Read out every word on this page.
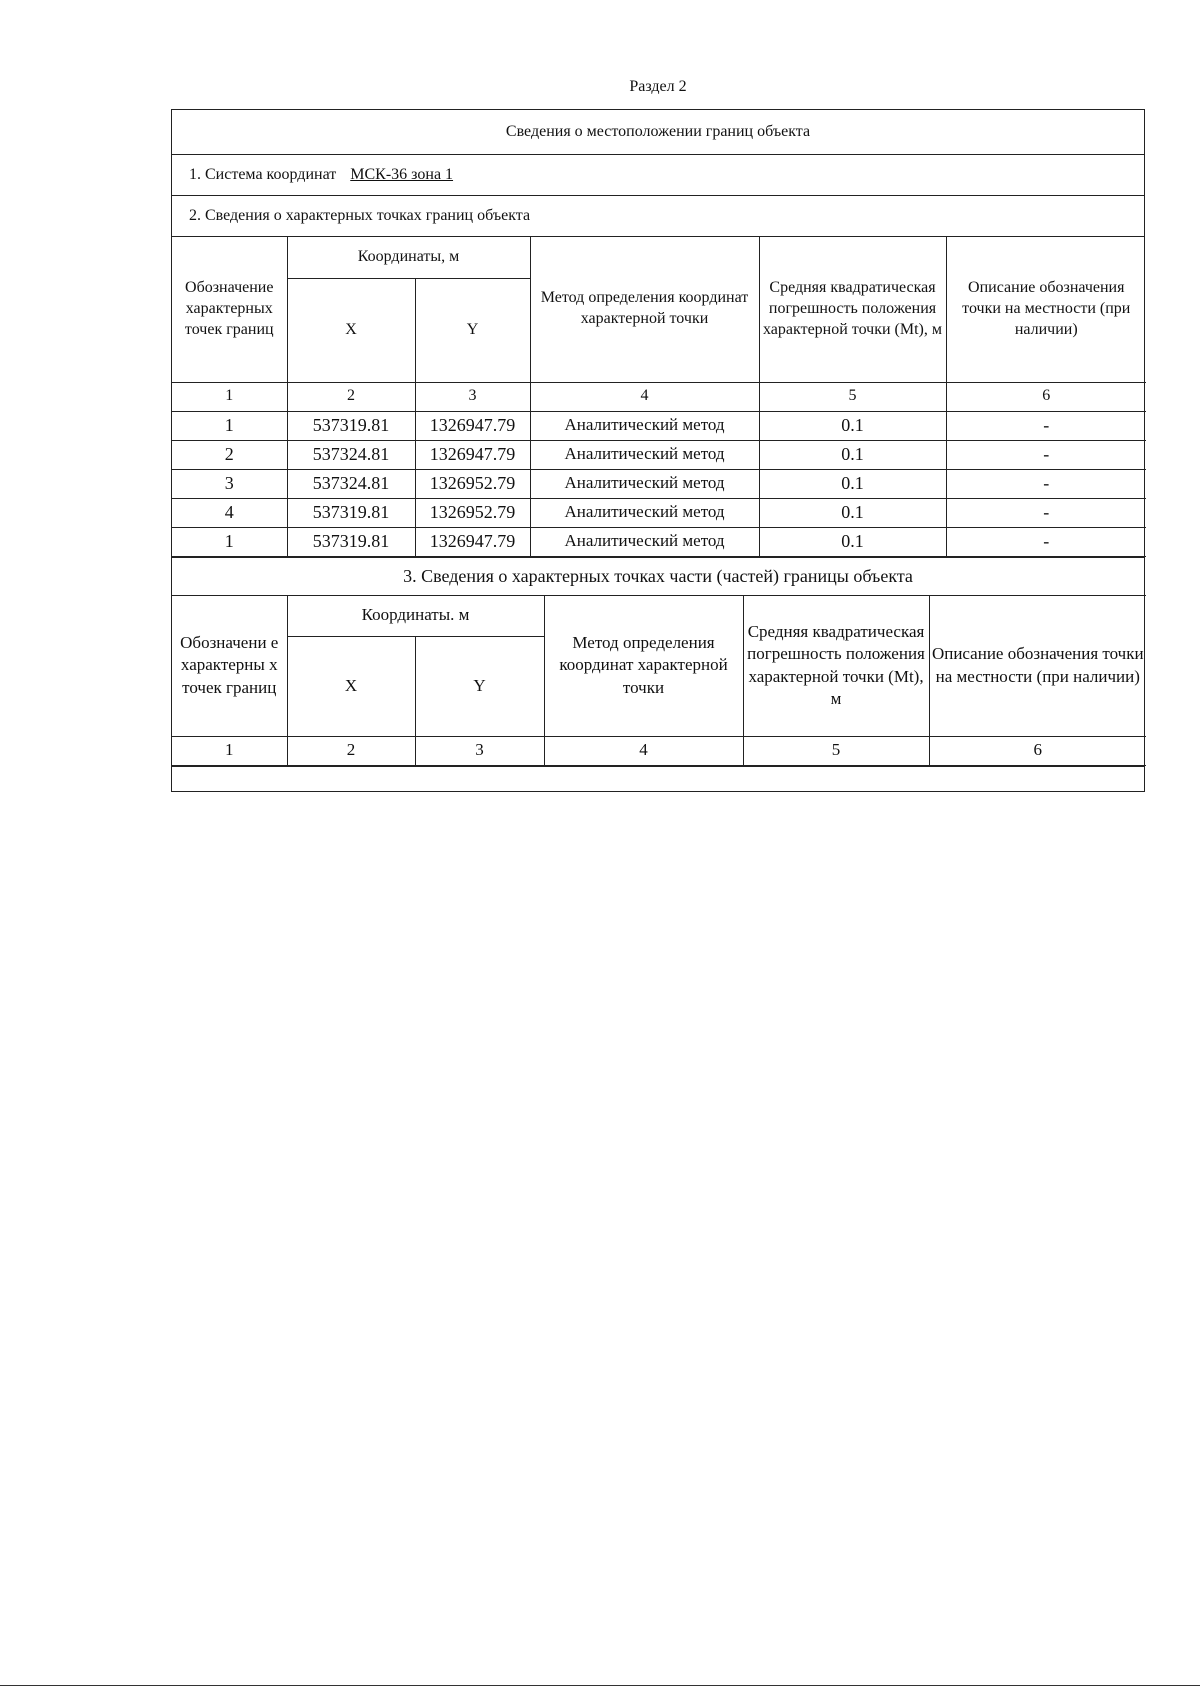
Раздел 2
Сведения о местоположении границ объекта
1. Система координат МСК-36 зона 1
2. Сведения о характерных точках границ объекта
Обозначение характерных точек границ	Координаты, м		Метод определения координат характерной точки	Средняя квадратическая погрешность положения характерной точки (Mt), м	Описание обозначения точки на местности (при наличии)
	X	Y			
1	2	3	4	5	6
1	537319.81	1326947.79	Аналитический метод	0.1	-
2	537324.81	1326947.79	Аналитический метод	0.1	-
3	537324.81	1326952.79	Аналитический метод	0.1	-
4	537319.81	1326952.79	Аналитический метод	0.1	-
1	537319.81	1326947.79	Аналитический метод	0.1	-
3. Сведения о характерных точках части (частей) границы объекта
Обозначени е характерны х точек границ	Координаты. м		Метод определения координат характерной точки	Средняя квадратическая погрешность положения характерной точки (Mt), м	Описание обозначения точки на местности (при наличии)
	X	Y			
1	2	3	4	5	6
